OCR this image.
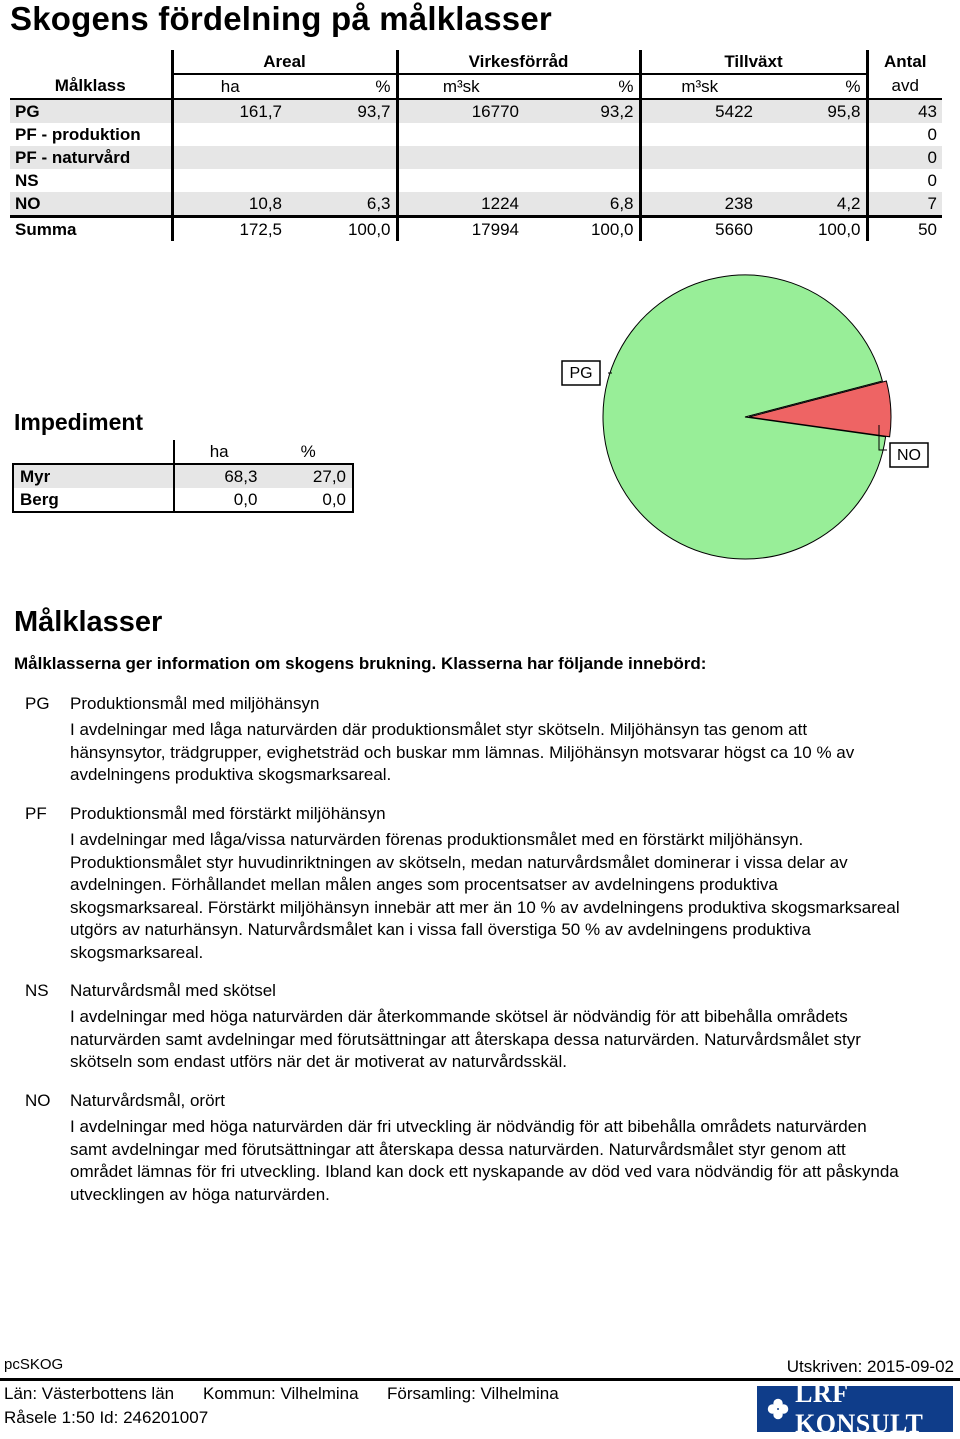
Skogens fördelning på målklasser
	Areal		Virkesförråd		Tillväxt		Antal
Målklass	ha	%	m³sk	%	m³sk	%	avd
PG	161,7	93,7	16770	93,2	5422	95,8	43
PF - produktion							0
PF - naturvård							0
NS							0
NO	10,8	6,3	1224	6,8	238	4,2	7
Summa	172,5	100,0	17994	100,0	5660	100,0	50
Impediment
	ha	%
Myr	68,3	27,0
Berg	0,0	0,0
PG
NO
Målklasser
Målklasserna ger information om skogens brukning. Klasserna har följande innebörd:
PG Produktionsmål med miljöhänsyn
I avdelningar med låga naturvärden där produktionsmålet styr skötseln. Miljöhänsyn tas genom att hänsynsytor, trädgrupper, evighetsträd och buskar mm lämnas. Miljöhänsyn motsvarar högst ca 10 % av avdelningens produktiva skogsmarksareal.
PF Produktionsmål med förstärkt miljöhänsyn
I avdelningar med låga/vissa naturvärden förenas produktionsmålet med en förstärkt miljöhänsyn. Produktionsmålet styr huvudinriktningen av skötseln, medan naturvårdsmålet dominerar i vissa delar av avdelningen. Förhållandet mellan målen anges som procentsatser av avdelningens produktiva skogsmarksareal. Förstärkt miljöhänsyn innebär att mer än 10 % av avdelningens produktiva skogsmarksareal utgörs av naturhänsyn. Naturvårdsmålet kan i vissa fall överstiga 50 % av avdelningens produktiva skogsmarksareal.
NS Naturvårdsmål med skötsel
I avdelningar med höga naturvärden där återkommande skötsel är nödvändig för att bibehålla områdets naturvärden samt avdelningar med förutsättningar att återskapa dessa naturvärden. Naturvårdsmålet styr skötseln som endast utförs när det är motiverat av naturvårdsskäl.
NO Naturvårdsmål, orört
I avdelningar med höga naturvärden där fri utveckling är nödvändig för att bibehålla områdets naturvärden samt avdelningar med förutsättningar att återskapa dessa naturvärden. Naturvårdsmålet styr genom att området lämnas för fri utveckling. Ibland kan dock ett nyskapande av död ved vara nödvändig för att påskynda utvecklingen av höga naturvärden.
pcSKOG	Utskriven: 2015-09-02
Län: Västerbottens län Kommun: Vilhelmina Församling: Vilhelmina
Råsele 1:50 Id: 246201007
LRF KONSULT
